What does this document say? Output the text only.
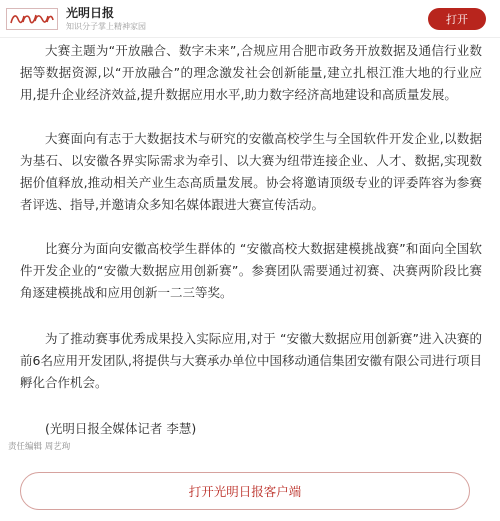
光明日报
知识分子掌上精神家园	打开

大赛主题为“开放融合、数字未来”,合规应用合肥市政务开放数据及通信行业数据等数据资源,以“开放融合”的理念激发社会创新能量,建立扎根江淮大地的行业应用,提升企业经济效益,提升数据应用水平,助力数字经济高地建设和高质量发展。

大赛面向有志于大数据技术与研究的安徽高校学生与全国软件开发企业,以数据为基石、以安徽各界实际需求为牵引、以大赛为纽带连接企业、人才、数据,实现数据价值释放,推动相关产业生态高质量发展。协会将邀请顶级专业的评委阵容为参赛者评选、指导,并邀请众多知名媒体跟进大赛宣传活动。

比赛分为面向安徽高校学生群体的 “安徽高校大数据建模挑战赛”和面向全国软件开发企业的“安徽大数据应用创新赛”。参赛团队需要通过初赛、决赛两阶段比赛角逐建模挑战和应用创新一二三等奖。

为了推动赛事优秀成果投入实际应用,对于 “安徽大数据应用创新赛”进入决赛的前6名应用开发团队,将提供与大赛承办单位中国移动通信集团安徽有限公司进行项目孵化合作机会。

(光明日报全媒体记者 李慧)

责任编辑 周艺珣
打开光明日报客户端
